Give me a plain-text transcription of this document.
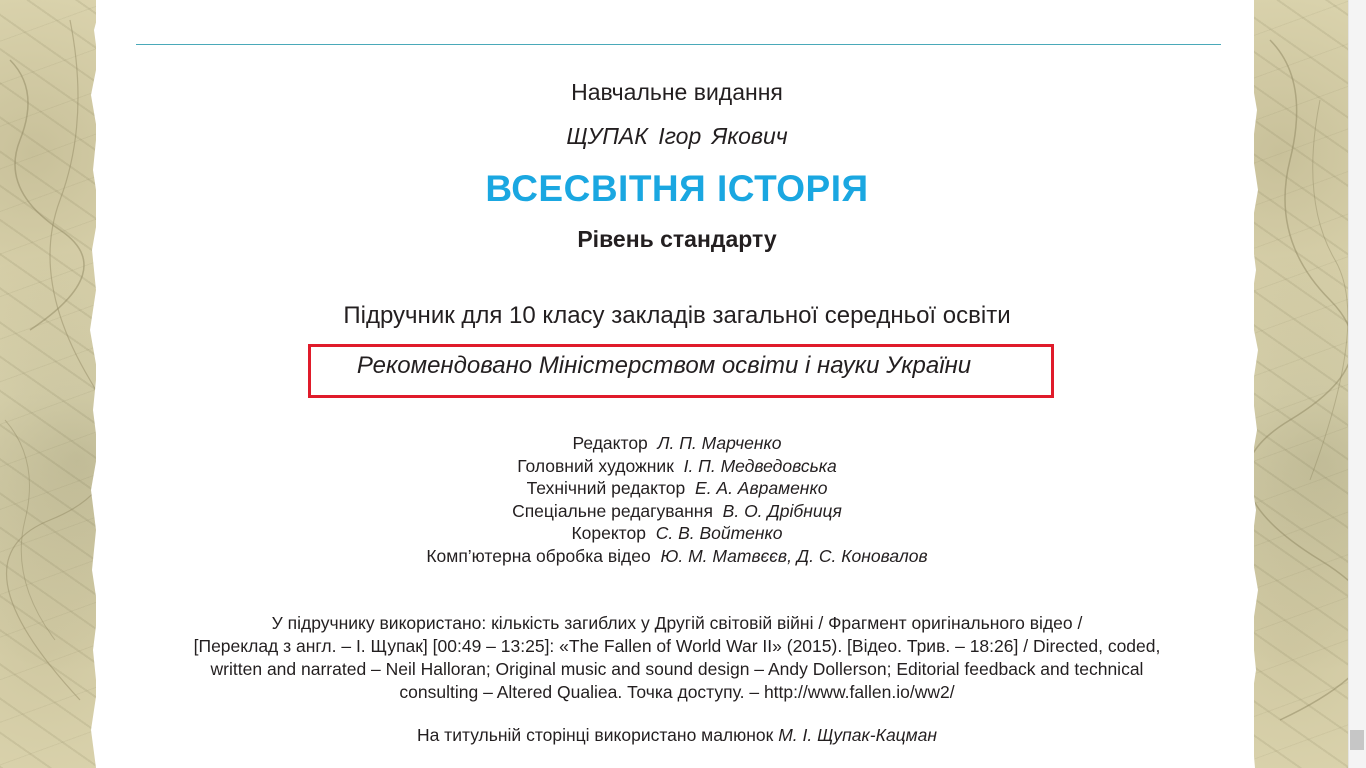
Навчальне видання
ЩУПАК Ігор Якович
ВСЕСВІТНЯ ІСТОРІЯ
Рівень стандарту
Підручник для 10 класу закладів загальної середньої освіти
Рекомендовано Міністерством освіти і науки України
Редактор Л. П. Марченко
Головний художник І. П. Медведовська
Технічний редактор Е. А. Авраменко
Спеціальне редагування В. О. Дрібниця
Коректор С. В. Войтенко
Комп’ютерна обробка відео Ю. М. Матвєєв, Д. С. Коновалов
У підручнику використано: кількість загиблих у Другій світовій війні / Фрагмент оригінального відео /
[Переклад з англ. – І. Щупак] [00:49 – 13:25]: «The Fallen of World War II» (2015). [Відео. Трив. – 18:26] / Directed, coded,
written and narrated – Neil Halloran; Original music and sound design – Andy Dollerson; Editorial feedback and technical
consulting – Altered Qualiea. Точка доступу. – http://www.fallen.io/ww2/
На титульній сторінці використано малюнок М. І. Щупак-Кацман
